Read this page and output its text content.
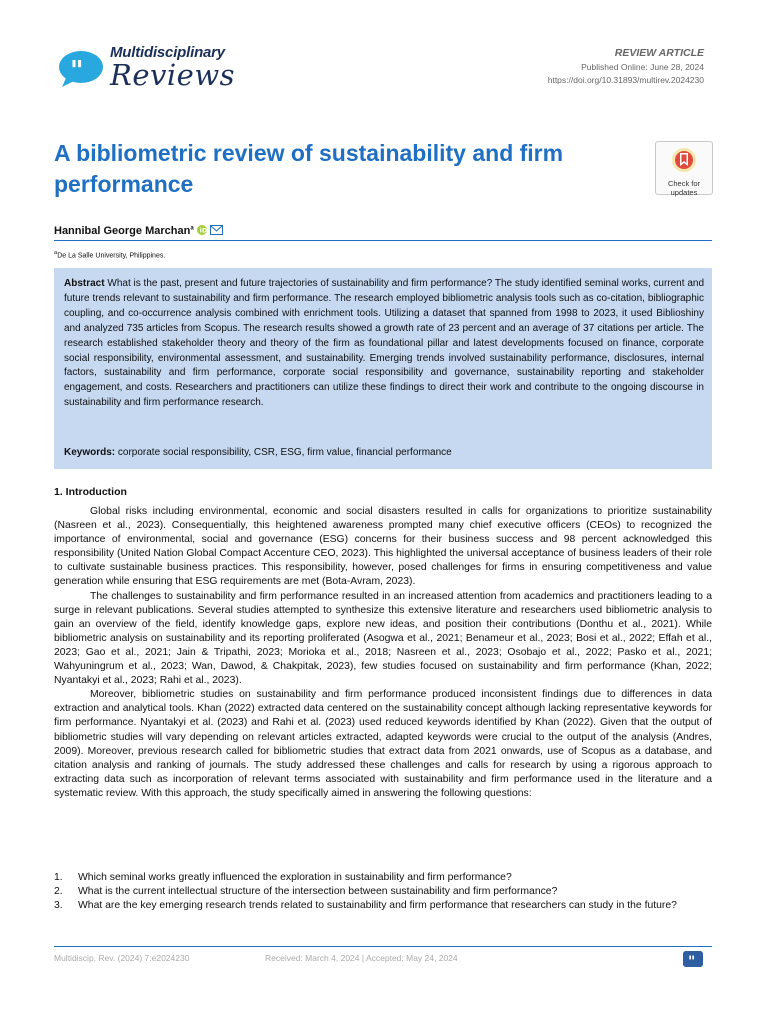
"
Multidisciplinary
Reviews
REVIEW ARTICLE
Published Online: June 28, 2024
https://doi.org/10.31893/multirev.2024230
A bibliometric review of sustainability and firm performance	Check for
updates
Hannibal George Marchan$^a$ iD

$^a$De La Salle University, Philippines.
Abstract What is the past, present and future trajectories of sustainability and firm performance? The study identified seminal works, current and future trends relevant to sustainability and firm performance. The research employed bibliometric analysis tools such as co-citation, bibliographic coupling, and co-occurrence analysis combined with enrichment tools. Utilizing a dataset that spanned from 1998 to 2023, it used Biblioshiny and analyzed 735 articles from Scopus. The research results showed a growth rate of 23 percent and an average of 37 citations per article. The research established stakeholder theory and theory of the firm as foundational pillar and latest developments focused on finance, corporate social responsibility, environmental assessment, and sustainability. Emerging trends involved sustainability performance, disclosures, internal factors, sustainability and firm performance, corporate social responsibility and governance, sustainability reporting and stakeholder engagement, and costs. Researchers and practitioners can utilize these findings to direct their work and contribute to the ongoing discourse in sustainability and firm performance research.
Keywords: corporate social responsibility, CSR, ESG, firm value, financial performance
1. Introduction

Global risks including environmental, economic and social disasters resulted in calls for organizations to prioritize sustainability (Nasreen et al., 2023). Consequentially, this heightened awareness prompted many chief executive officers (CEOs) to recognized the importance of environmental, social and governance (ESG) concerns for their business success and 98 percent acknowledged this responsibility (United Nation Global Compact Accenture CEO, 2023). This highlighted the universal acceptance of business leaders of their role to cultivate sustainable business practices. This responsibility, however, posed challenges for firms in ensuring competitiveness and value generation while ensuring that ESG requirements are met (Bota-Avram, 2023).

The challenges to sustainability and firm performance resulted in an increased attention from academics and practitioners leading to a surge in relevant publications. Several studies attempted to synthesize this extensive literature and researchers used bibliometric analysis to gain an overview of the field, identify knowledge gaps, explore new ideas, and position their contributions (Donthu et al., 2021). While bibliometric analysis on sustainability and its reporting proliferated (Asogwa et al., 2021; Benameur et al., 2023; Bosi et al., 2022; Effah et al., 2023; Gao et al., 2021; Jain & Tripathi, 2023; Morioka et al., 2018; Nasreen et al., 2023; Osobajo et al., 2022; Pasko et al., 2021; Wahyuningrum et al., 2023; Wan, Dawod, & Chakpitak, 2023), few studies focused on sustainability and firm performance (Khan, 2022; Nyantakyi et al., 2023; Rahi et al., 2023).

Moreover, bibliometric studies on sustainability and firm performance produced inconsistent findings due to differences in data extraction and analytical tools. Khan (2022) extracted data centered on the sustainability concept although lacking representative keywords for firm performance. Nyantakyi et al. (2023) and Rahi et al. (2023) used reduced keywords identified by Khan (2022). Given that the output of bibliometric studies will vary depending on relevant articles extracted, adapted keywords were crucial to the output of the analysis (Andres, 2009). Moreover, previous research called for bibliometric studies that extract data from 2021 onwards, use of Scopus as a database, and citation analysis and ranking of journals. The study addressed these challenges and calls for research by using a rigorous approach to extracting data such as incorporation of relevant terms associated with sustainability and firm performance used in the literature and a systematic review. With this approach, the study specifically aimed in answering the following questions:

1.	Which seminal works greatly influenced the exploration in sustainability and firm performance?
2.	What is the current intellectual structure of the intersection between sustainability and firm performance?
3.	What are the key emerging research trends related to sustainability and firm performance that researchers can study in the future?
Multidiscip. Rev. (2024) 7:e2024230	Received: March 4, 2024 | Accepted: May 24, 2024	"
